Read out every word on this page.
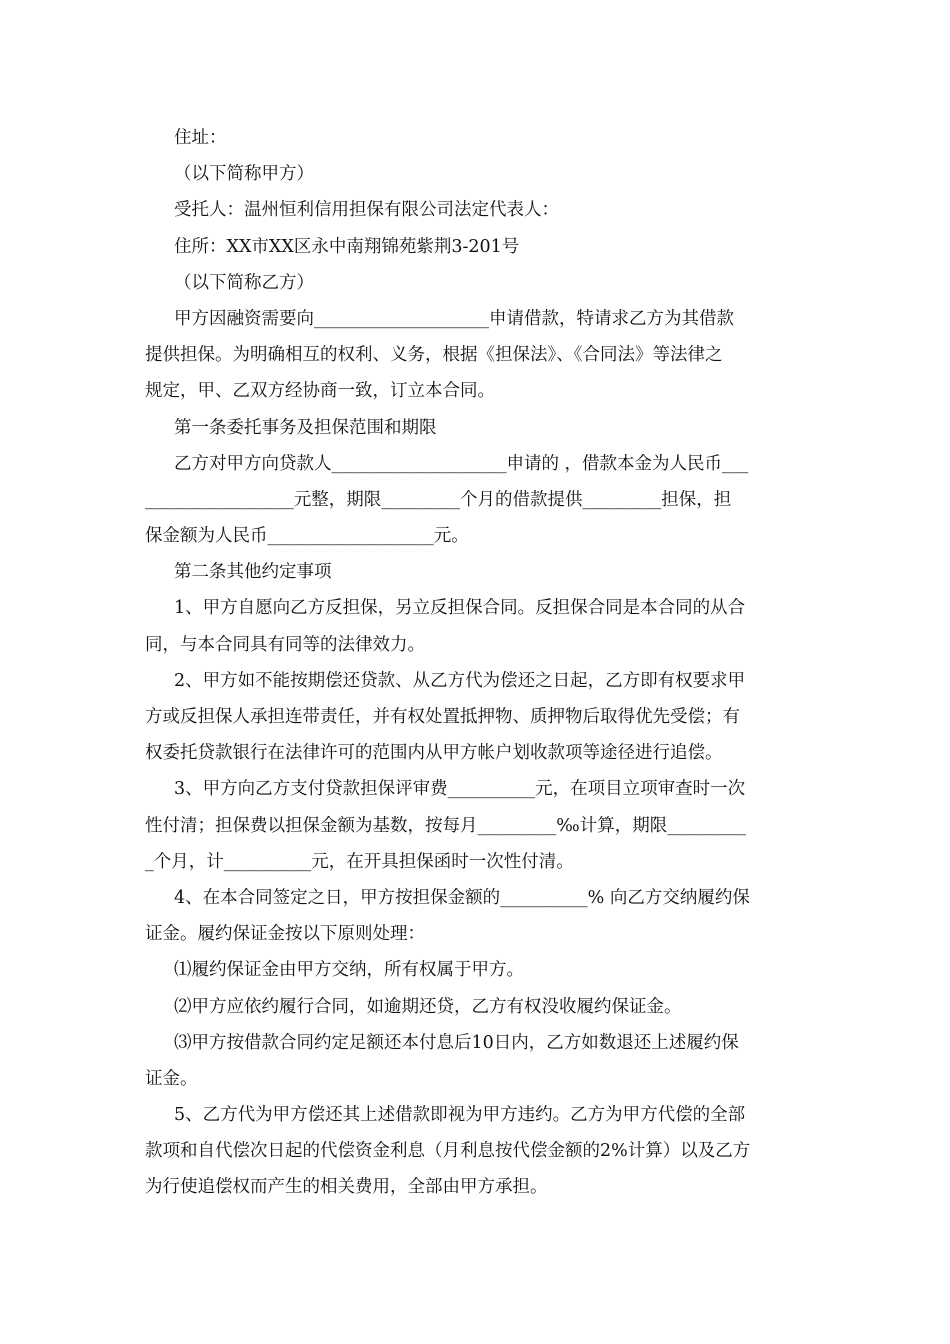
住址：
（以下简称甲方）
受托人：温州恒利信用担保有限公司法定代表人：
住所：XX市XX区永中南翔锦苑紫荆3-201号
（以下简称乙方）
甲方因融资需要向____________________申请借款，特请求乙方为其借款
提供担保。为明确相互的权利、义务，根据《担保法》、《合同法》等法律之
规定，甲、乙双方经协商一致，订立本合同。
第一条委托事务及担保范围和期限
乙方对甲方向贷款人____________________申请的 ，借款本金为人民币___
_________________元整，期限_________个月的借款提供_________担保，担
保金额为人民币___________________元。
第二条其他约定事项
1、甲方自愿向乙方反担保，另立反担保合同。反担保合同是本合同的从合
同，与本合同具有同等的法律效力。
2、甲方如不能按期偿还贷款、从乙方代为偿还之日起，乙方即有权要求甲
方或反担保人承担连带责任，并有权处置抵押物、质押物后取得优先受偿；有
权委托贷款银行在法律许可的范围内从甲方帐户划收款项等途径进行追偿。
3、甲方向乙方支付贷款担保评审费__________元，在项目立项审查时一次
性付清；担保费以担保金额为基数，按每月_________‰计算，期限_________
_个月，计__________元，在开具担保函时一次性付清。
4、在本合同签定之日，甲方按担保金额的__________% 向乙方交纳履约保
证金。履约保证金按以下原则处理：
⑴履约保证金由甲方交纳，所有权属于甲方。
⑵甲方应依约履行合同，如逾期还贷，乙方有权没收履约保证金。
⑶甲方按借款合同约定足额还本付息后10日内，乙方如数退还上述履约保
证金。
5、乙方代为甲方偿还其上述借款即视为甲方违约。乙方为甲方代偿的全部
款项和自代偿次日起的代偿资金利息（月利息按代偿金额的2%计算）以及乙方
为行使追偿权而产生的相关费用，全部由甲方承担。
